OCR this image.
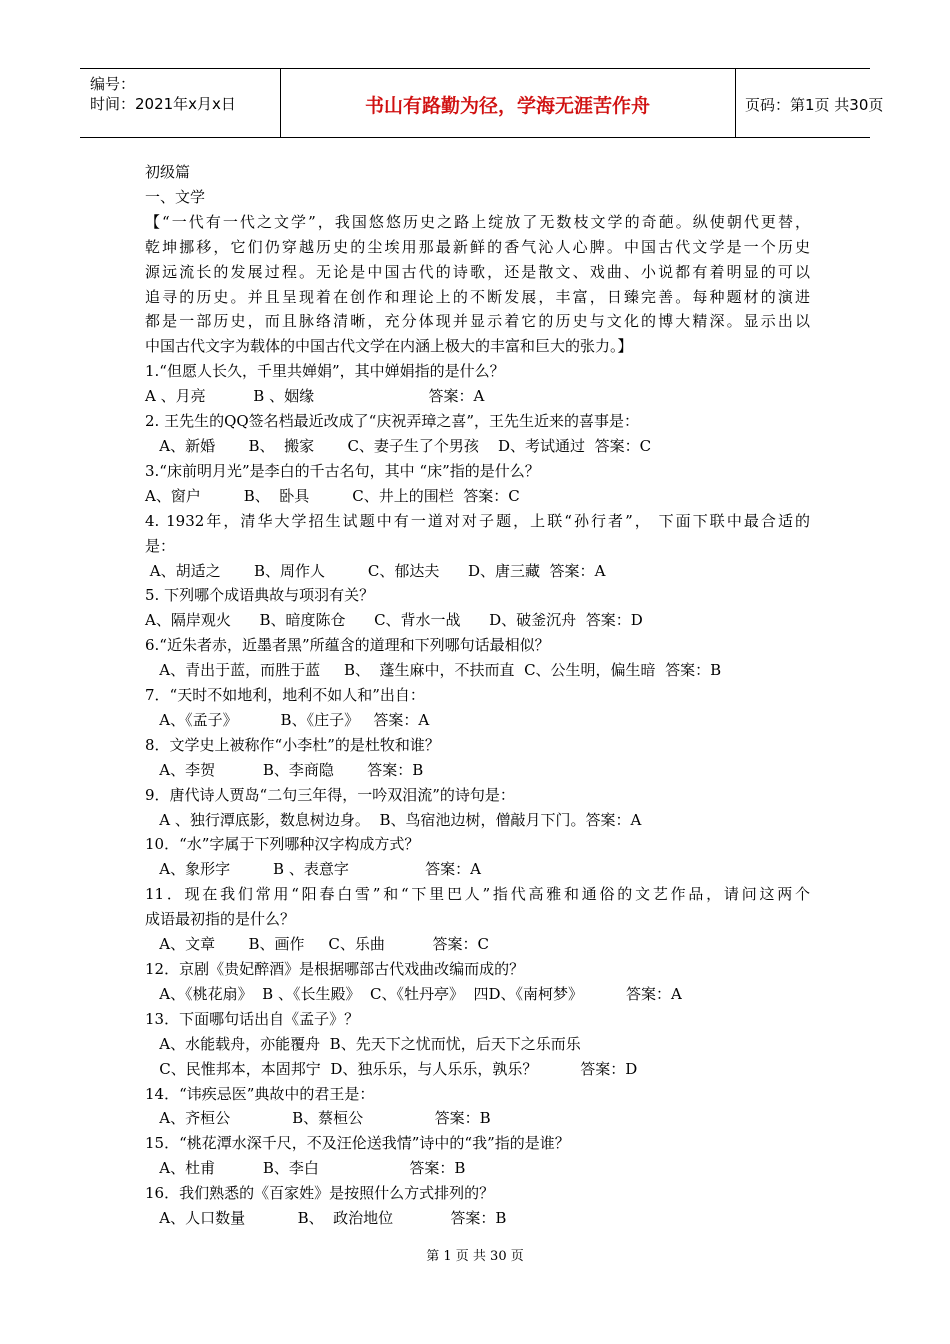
编号：
时间：2021年x月x日	书山有路勤为径，学海无涯苦作舟	页码：第1页 共30页
初级篇
一、文学
【“一代有一代之文学”，我国悠悠历史之路上绽放了无数枝文学的奇葩。纵使朝代更替，
乾坤挪移，它们仍穿越历史的尘埃用那最新鲜的香气沁人心脾。中国古代文学是一个历史
源远流长的发展过程。无论是中国古代的诗歌，还是散文、戏曲、小说都有着明显的可以
追寻的历史。并且呈现着在创作和理论上的不断发展，丰富，日臻完善。每种题材的演进
都是一部历史，而且脉络清晰，充分体现并显示着它的历史与文化的博大精深。显示出以
中国古代文字为载体的中国古代文学在内涵上极大的丰富和巨大的张力。】
1.“但愿人长久，千里共婵娟”，其中婵娟指的是什么？
A 、月亮          B 、姻缘                        答案：A
2. 王先生的QQ签名档最近改成了“庆祝弄璋之喜”，王先生近来的喜事是：
A、新婚       B、  搬家       C、妻子生了个男孩    D、考试通过  答案：C
3.“床前明月光”是李白的千古名句，其中 “床”指的是什么？
A、窗户         B、  卧具         C、井上的围栏  答案：C
4. 1932年，清华大学招生试题中有一道对对子题，上联“孙行者”， 下面下联中最合适的
是：
A、胡适之       B、周作人         C、郁达夫      D、唐三藏  答案：A
5. 下列哪个成语典故与项羽有关？
A、隔岸观火      B、暗度陈仓      C、背水一战      D、破釜沉舟  答案：D
6.“近朱者赤，近墨者黑”所蕴含的道理和下列哪句话最相似？
A、青出于蓝，而胜于蓝     B、  蓬生麻中，不扶而直  C、公生明，偏生暗  答案：B
7．“天时不如地利，地利不如人和”出自：
A、《孟子》         B、《庄子》   答案：A
8．文学史上被称作“小李杜”的是杜牧和谁？
A、李贺          B、李商隐       答案：B
9．唐代诗人贾岛“二句三年得，一吟双泪流”的诗句是：
A 、独行潭底影，数息树边身。  B、鸟宿池边树，僧敲月下门。答案：A
10．“水”字属于下列哪种汉字构成方式？
A、象形字         B 、表意字                答案：A
11．现在我们常用“阳春白雪”和“下里巴人”指代高雅和通俗的文艺作品，请问这两个
成语最初指的是什么？
A、文章       B、画作     C、乐曲          答案：C
12．京剧《贵妃醉酒》是根据哪部古代戏曲改编而成的？
A、《桃花扇》  B 、《长生殿》  C、《牡丹亭》  四D、《南柯梦》         答案：A
13．下面哪句话出自《孟子》？
A、水能载舟，亦能覆舟  B、先天下之忧而忧，后天下之乐而乐
C、民惟邦本，本固邦宁  D、独乐乐，与人乐乐，孰乐？         答案：D
14．“讳疾忌医”典故中的君王是：
A、齐桓公             B、蔡桓公               答案：B
15．“桃花潭水深千尺，不及汪伦送我情”诗中的“我”指的是谁？
A、杜甫          B、李白                   答案：B
16．我们熟悉的《百家姓》是按照什么方式排列的？
A、人口数量           B、  政治地位            答案：B
第 1 页 共 30 页
